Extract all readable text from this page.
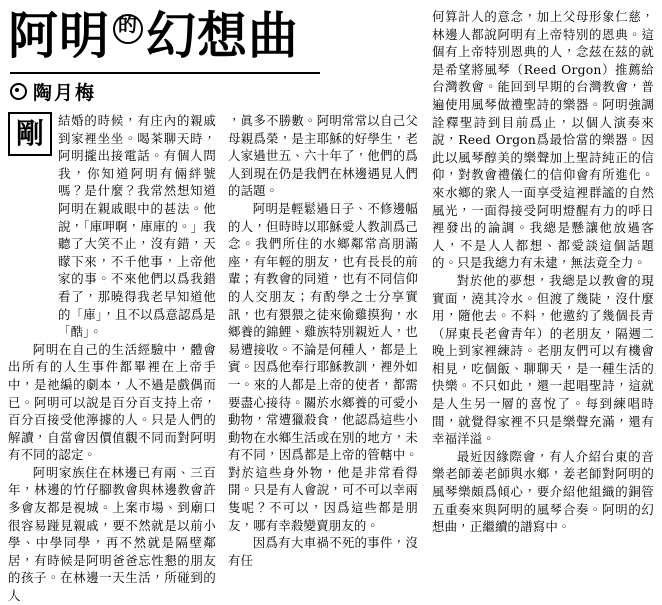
阿明 的 幻想曲
陶月梅
剛	結婚的時候，有庄內的親戚到家裡坐坐。喝茶聊天時，阿明攏出接電話。有個人問我，你知道阿明有倆絆號嗎？是什麼？我常然想知道阿明在親戚眼中的甚法。他說，「庫呷啊，庫庫的。」我聽了大笑不止，沒有錯，天矇下來，不千他事，上帝他家的事。不來他們以爲我錯看了，那曉得我老早知道他的「庫」，且不以爲意認爲是「酷」。

阿明在自己的生活經驗中，體會出所有的人生事件都畢裡在上帝手中，是祂編的劇本，人不過是戲偶而已。阿明可以說是百分百支持上帝，百分百接受他濘據的人。只是人們的解讀，自當會因價值觀不同而對阿明有不同的認定。

阿明家族住在林邊已有兩、三百年，林邊的竹仔腳教會與林邊教會許多會友都是視城。上案市場、到廟口很容易踫見親戚，要不然就是以前小學、中學同學，再不然就是隔壁鄰居，有時候是阿明爸爸忘性懇的朋友的孩子。在林邊一天生活，所碰到的人

，眞多不勝數。阿明常常以自己父母親爲榮，是主耶穌的好學生，老人家過世五、六十年了，他們的爲人到現在仍是我們在林邊遇見人們的話題。

阿明是輕鬆過日子、不修邊幅的人，但時時以耶穌愛人教訓爲己念。我們所住的水鄉鄰常高朋滿座，有年輕的朋友，也有長長的前輩；有教會的同道，也有不同信仰的人交朋友；有酌學之士分享實訊，也有猥猥之徒來偷雞摸狗，水鄉養的錦鯉、雞族特別親近人，也易遭接收。不論是何種人，都是上賓。因爲他奉行耶穌教訓，裡外如一。來的人都是上帝的使者，都需要盡心接待。關於水鄉養的可愛小動物，常遭獵殺食，他認爲這些小動物在水鄉生活或在別的地方，未有不同，因爲都是上帝的管轄中。對於這些身外物，他是非常看得開。只是有人會說，可不可以幸兩隻呢？不可以，因爲這些都是朋友，哪有幸殺變賣朋友的。

因爲有大車禍不死的事件，沒有任

何算計人的意念，加上父母形象仁慈，林邊人都說阿明有上帝特別的恩典。這個有上帝特別恩典的人，念茲在茲的就是希望將風琴（Reed Orgon）推薦給台灣教會。能回到早期的台灣教會，普遍使用風琴做禮聖詩的樂器。阿明強調詮釋聖詩到目前爲止，以個人演奏來說，Reed Orgon爲最恰當的樂器。因此以風琴醇美的樂聲加上聖詩純正的信仰，對教會禮儀仁的信仰會有所進化。來水鄉的衆人一面享受這裡群謐的自然風光，一面得接受阿明燈醒有力的呼日裡發出的論調。我總是懸讓他放過客人，不是人人都想、都愛談這個話題的。只是我總力有未逮，無法竟全力。

對於他的夢想，我總是以教會的現實面，澆其冷水。但渡了幾陡，沒什麼用，隨他去。不料，他邀約了幾個長青（屏東長老會青年）的老朋友，隔週二晚上到家裡練詩。老朋友們可以有機會相見，吃個飯、聊聊天，是一種生活的快樂。不只如此，還一起唱聖詩，這就是人生另一層的喜悅了。每到練唱時間，就覺得家裡不只是樂聲充滿，還有幸福洋溢。

最近因緣際會，有人介紹台東的音樂老師姜老師與水鄉，姜老師對阿明的風琴樂頗爲傾心，要介紹他組織的銅管五重奏來與阿明的風琴合奏。阿明的幻想曲，正繼續的譜寫中。
